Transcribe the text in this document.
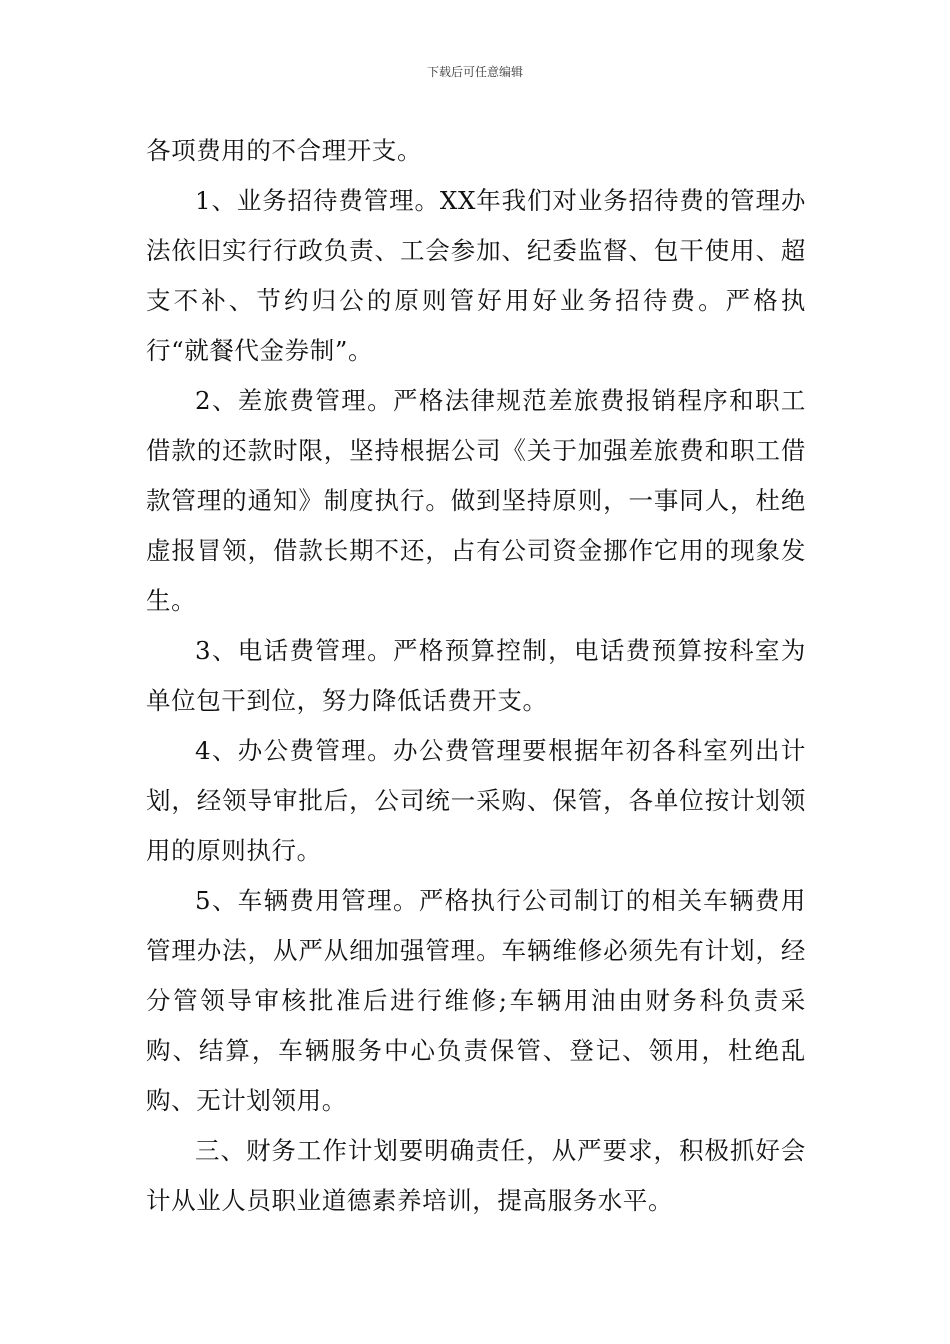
下载后可任意编辑

各项费用的不合理开支。

1、业务招待费管理。XX年我们对业务招待费的管理办法依旧实行行政负责、工会参加、纪委监督、包干使用、超支不补、节约归公的原则管好用好业务招待费。严格执行“就餐代金券制”。

2、差旅费管理。严格法律规范差旅费报销程序和职工借款的还款时限，坚持根据公司《关于加强差旅费和职工借款管理的通知》制度执行。做到坚持原则，一事同人，杜绝虚报冒领，借款长期不还，占有公司资金挪作它用的现象发生。

3、电话费管理。严格预算控制，电话费预算按科室为单位包干到位，努力降低话费开支。

4、办公费管理。办公费管理要根据年初各科室列出计划，经领导审批后，公司统一采购、保管，各单位按计划领用的原则执行。

5、车辆费用管理。严格执行公司制订的相关车辆费用管理办法，从严从细加强管理。车辆维修必须先有计划，经分管领导审核批准后进行维修;车辆用油由财务科负责采购、结算，车辆服务中心负责保管、登记、领用，杜绝乱购、无计划领用。

三、财务工作计划要明确责任，从严要求，积极抓好会计从业人员职业道德素养培训，提高服务水平。
